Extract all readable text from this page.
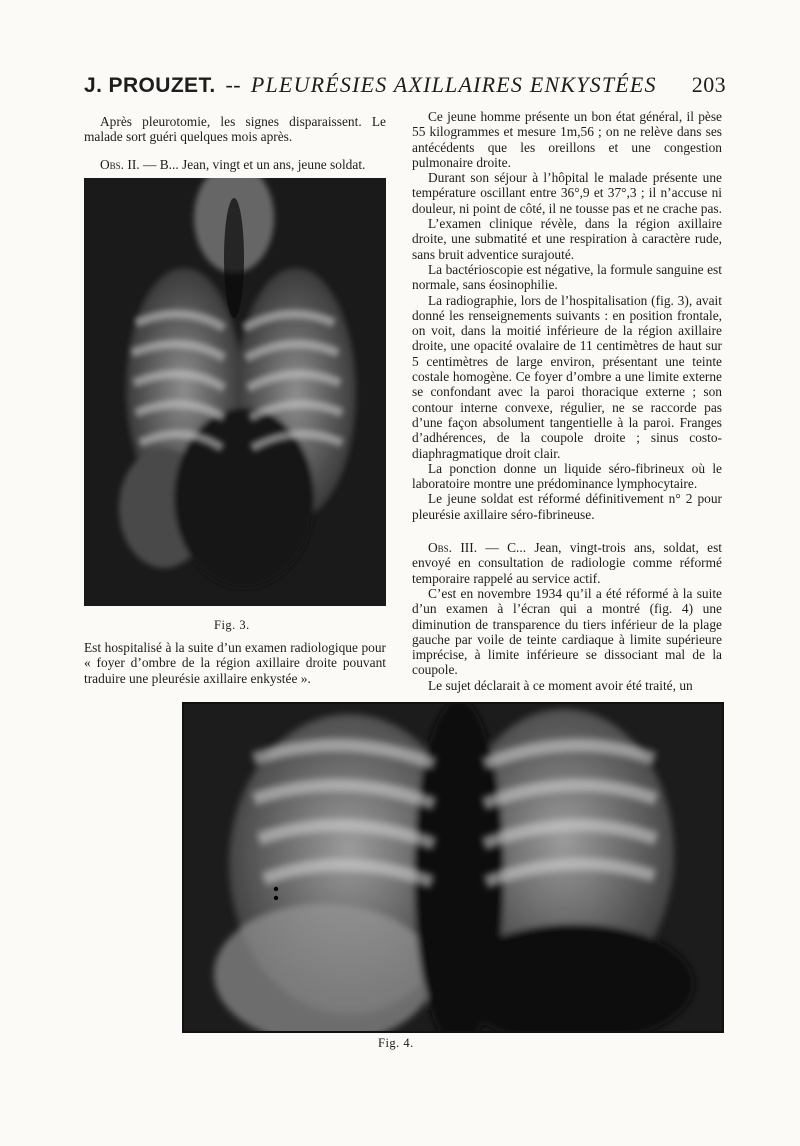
J. PROUZET. -- PLEURÉSIES AXILLAIRES ENKYSTÉES 203

Après pleurotomie, les signes disparaissent. Le malade sort guéri quelques mois après.

Obs. II. — B... Jean, vingt et un ans, jeune soldat.

Fig. 3.

Est hospitalisé à la suite d’un examen radiologique pour « foyer d’ombre de la région axillaire droite pouvant traduire une pleurésie axillaire enkystée ».

Ce jeune homme présente un bon état général, il pèse 55 kilogrammes et mesure 1m,56 ; on ne relève dans ses antécédents que les oreillons et une congestion pulmonaire droite.

Durant son séjour à l’hôpital le malade présente une température oscillant entre 36°,9 et 37°,3 ; il n’accuse ni douleur, ni point de côté, il ne tousse pas et ne crache pas.

L’examen clinique révèle, dans la région axillaire droite, une submatité et une respiration à caractère rude, sans bruit adventice surajouté.

La bactérioscopie est négative, la formule sanguine est normale, sans éosinophilie.

La radiographie, lors de l’hospitalisation (fig. 3), avait donné les renseignements suivants : en position frontale, on voit, dans la moitié inférieure de la région axillaire droite, une opacité ovalaire de 11 centimètres de haut sur 5 centimètres de large environ, présentant une teinte costale homogène. Ce foyer d’ombre a une limite externe se confondant avec la paroi thoracique externe ; son contour interne convexe, régulier, ne se raccorde pas d’une façon absolument tangentielle à la paroi. Franges d’adhérences, de la coupole droite ; sinus costo-diaphragmatique droit clair.

La ponction donne un liquide séro-fibrineux où le laboratoire montre une prédominance lymphocytaire.

Le jeune soldat est réformé définitivement n° 2 pour pleurésie axillaire séro-fibrineuse.

Obs. III. — C... Jean, vingt-trois ans, soldat, est envoyé en consultation de radiologie comme réformé temporaire rappelé au service actif.

C’est en novembre 1934 qu’il a été réformé à la suite d’un examen à l’écran qui a montré (fig. 4) une diminution de transparence du tiers inférieur de la plage gauche par voile de teinte cardiaque à limite supérieure imprécise, à limite inférieure se dissociant mal de la coupole.

Le sujet déclarait à ce moment avoir été traité, un

Fig. 4.
